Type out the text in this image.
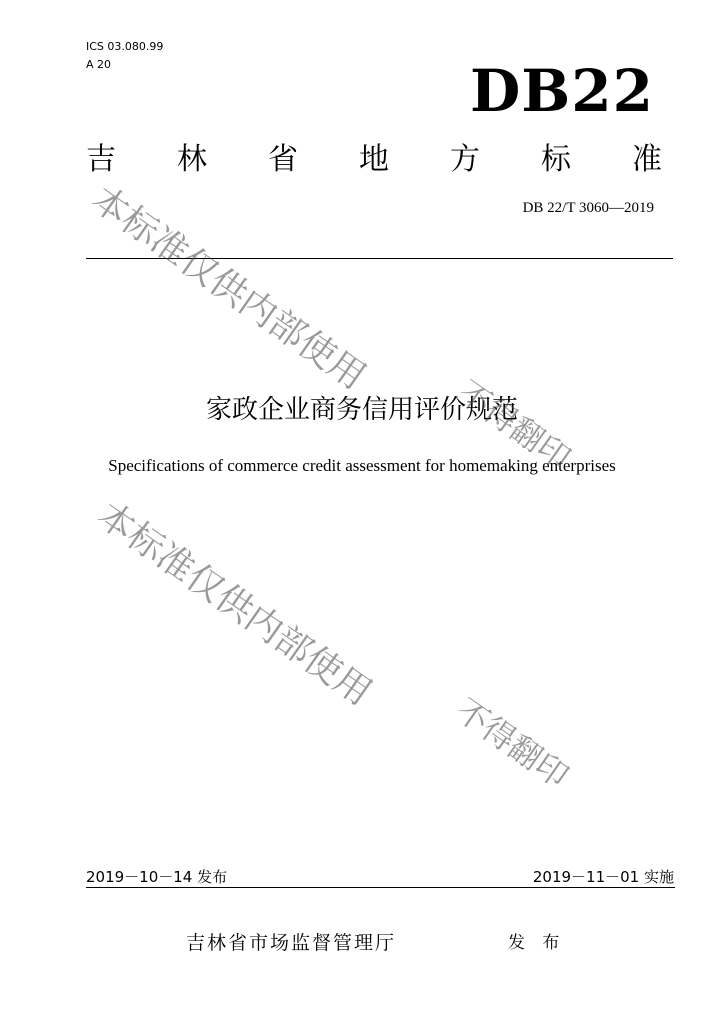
ICS 03.080.99
A 20	DB22
吉 林 省 地 方 标 准
DB 22/T 3060—2019
家政企业商务信用评价规范
Specifications of commerce credit assessment for homemaking enterprises
2019－10－14 发布	2019－11－01 实施
吉林省市场监督管理厅	发 布
本标准仅供内部使用
不得翻印
本标准仅供内部使用
不得翻印
